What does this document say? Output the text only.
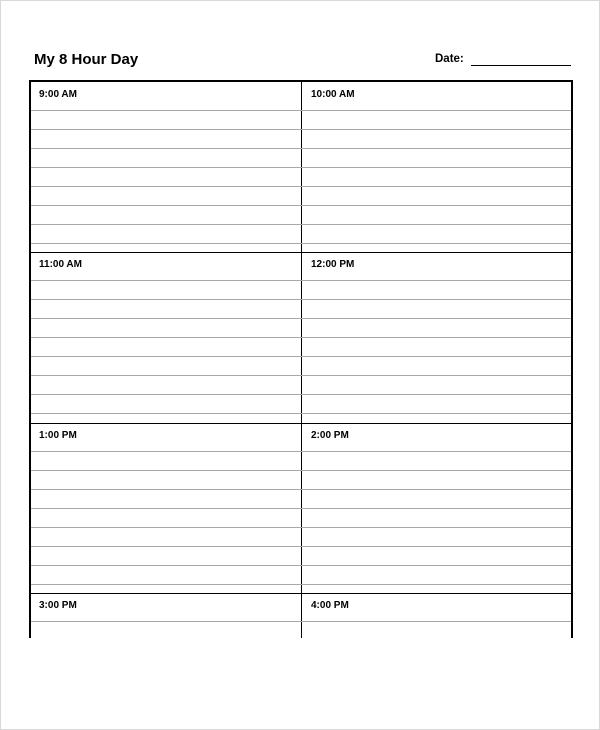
My 8 Hour Day	Date:
9:00 AM	10:00 AM
11:00 AM	12:00 PM
1:00 PM	2:00 PM
3:00 PM	4:00 PM
